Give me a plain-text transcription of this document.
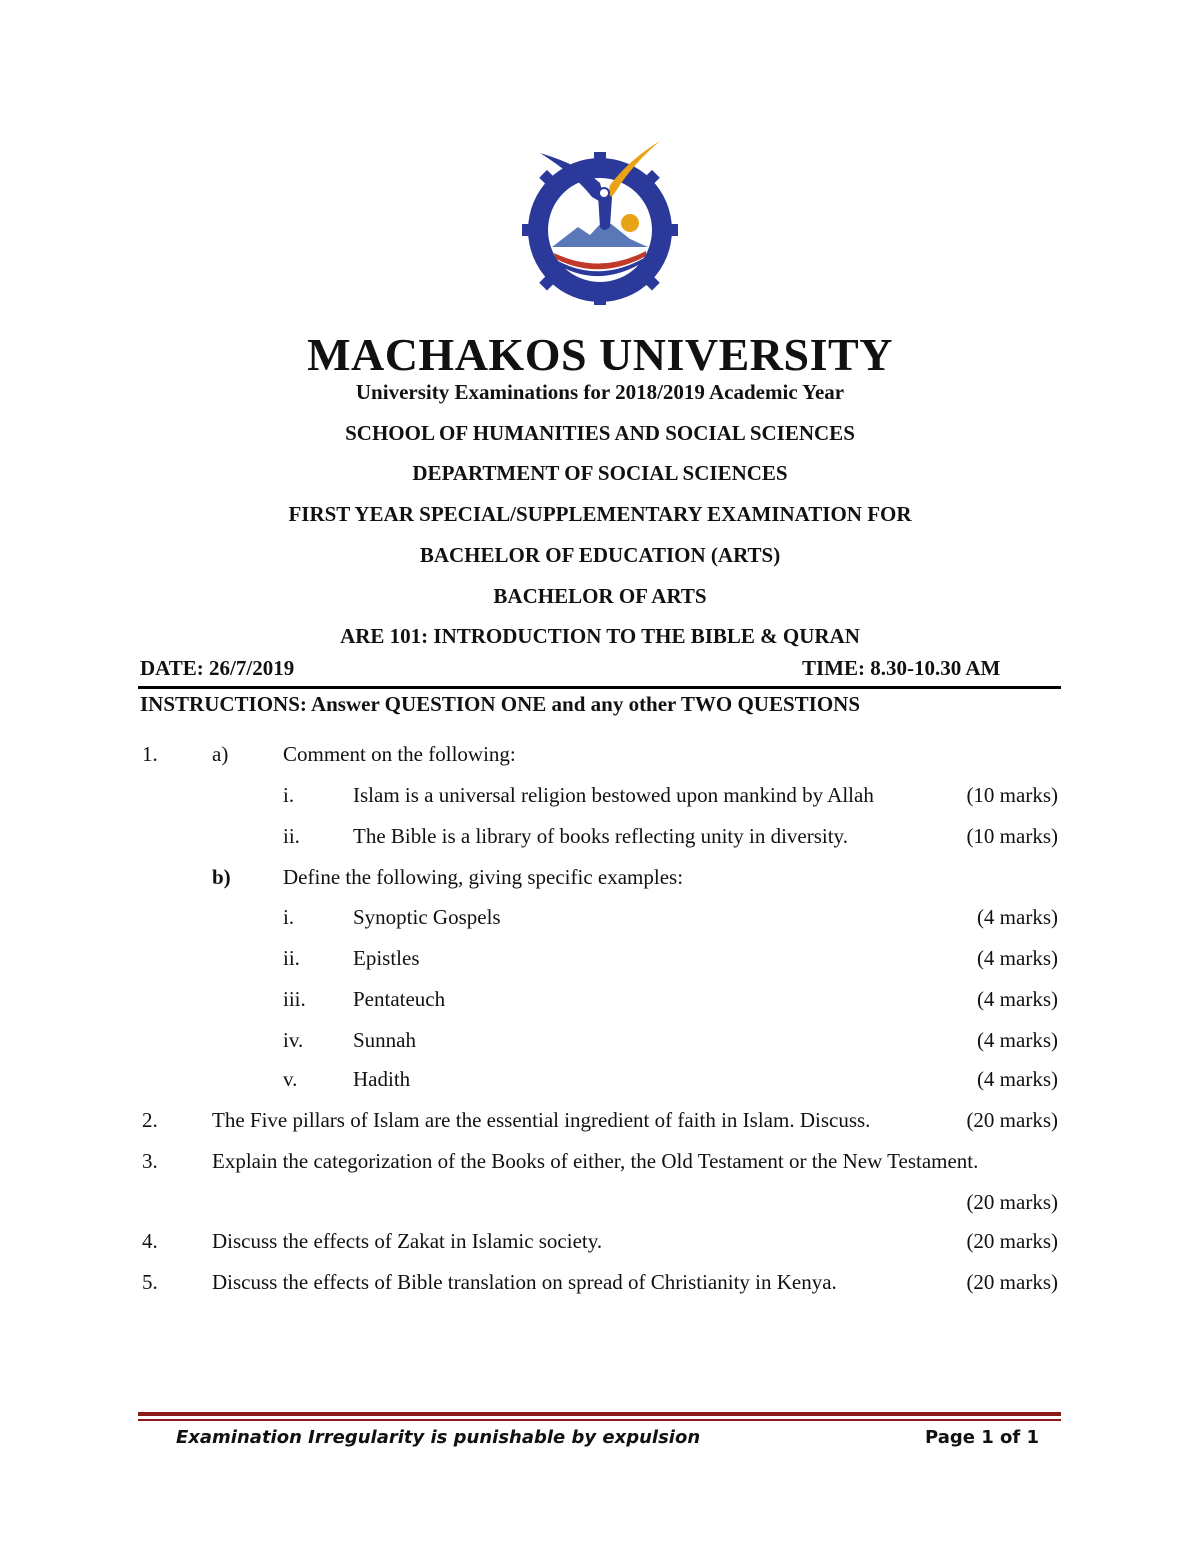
MACHAKOS UNIVERSITY
University Examinations for 2018/2019 Academic Year
SCHOOL OF HUMANITIES AND SOCIAL SCIENCES
DEPARTMENT OF SOCIAL SCIENCES
FIRST YEAR SPECIAL/SUPPLEMENTARY EXAMINATION FOR
BACHELOR OF EDUCATION (ARTS)
BACHELOR OF ARTS
ARE 101: INTRODUCTION TO THE BIBLE & QURAN
DATE: 26/7/2019	TIME: 8.30-10.30 AM
INSTRUCTIONS: Answer QUESTION ONE and any other TWO QUESTIONS
1.	a)	Comment on the following:
i.	Islam is a universal religion bestowed upon mankind by Allah	(10 marks)
ii.	The Bible is a library of books reflecting unity in diversity.	(10 marks)
b) Define the following, giving specific examples:
i.	Synoptic Gospels	(4 marks)
ii.	Epistles	(4 marks)
iii. Pentateuch	(4 marks)
iv. Sunnah	(4 marks)
v.	Hadith	(4 marks)
2.	The Five pillars of Islam are the essential ingredient of faith in Islam. Discuss.	(20 marks)
3.	Explain the categorization of the Books of either, the Old Testament or the New Testament.
(20 marks)
4.	Discuss the effects of Zakat in Islamic society.	(20 marks)
5.	Discuss the effects of Bible translation on spread of Christianity in Kenya.	(20 marks)
Examination Irregularity is punishable by expulsion	Page 1 of 1
